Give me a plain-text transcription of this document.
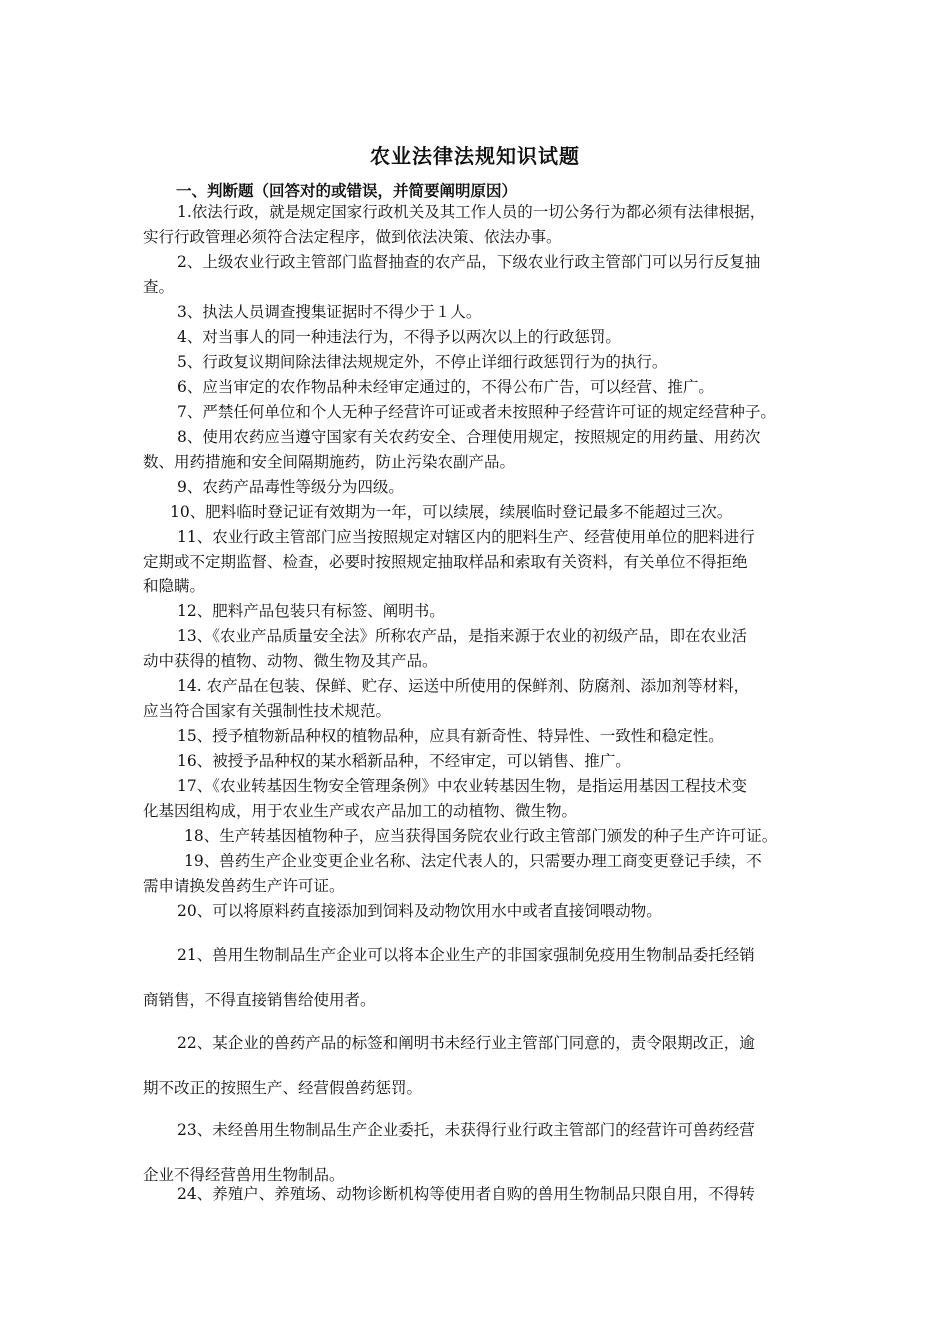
农业法律法规知识试题
一、判断题（回答对的或错误，并简要阐明原因）
1.依法行政，就是规定国家行政机关及其工作人员的一切公务行为都必须有法律根据，
实行行政管理必须符合法定程序，做到依法决策、依法办事。
2、上级农业行政主管部门监督抽查的农产品，下级农业行政主管部门可以另行反复抽
查。
3、执法人员调查搜集证据时不得少于１人。
4、对当事人的同一种违法行为，不得予以两次以上的行政惩罚。
5、行政复议期间除法律法规规定外，不停止详细行政惩罚行为的执行。
6、应当审定的农作物品种未经审定通过的，不得公布广告，可以经营、推广。
7、严禁任何单位和个人无种子经营许可证或者未按照种子经营许可证的规定经营种子。
8、使用农药应当遵守国家有关农药安全、合理使用规定，按照规定的用药量、用药次
数、用药措施和安全间隔期施药，防止污染农副产品。
9、农药产品毒性等级分为四级。
10、肥料临时登记证有效期为一年，可以续展，续展临时登记最多不能超过三次。
11、农业行政主管部门应当按照规定对辖区内的肥料生产、经营使用单位的肥料进行
定期或不定期监督、检查，必要时按照规定抽取样品和索取有关资料，有关单位不得拒绝
和隐瞒。
12、肥料产品包装只有标签、阐明书。
13、《农业产品质量安全法》所称农产品，是指来源于农业的初级产品，即在农业活
动中获得的植物、动物、微生物及其产品。
14. 农产品在包装、保鲜、贮存、运送中所使用的保鲜剂、防腐剂、添加剂等材料，
应当符合国家有关强制性技术规范。
15、授予植物新品种权的植物品种，应具有新奇性、特异性、一致性和稳定性。
16、被授予品种权的某水稻新品种，不经审定，可以销售、推广。
17、《农业转基因生物安全管理条例》中农业转基因生物，是指运用基因工程技术变
化基因组构成，用于农业生产或农产品加工的动植物、微生物。
18、生产转基因植物种子，应当获得国务院农业行政主管部门颁发的种子生产许可证。
19、兽药生产企业变更企业名称、法定代表人的，只需要办理工商变更登记手续，不
需申请换发兽药生产许可证。
20、可以将原料药直接添加到饲料及动物饮用水中或者直接饲喂动物。
21、兽用生物制品生产企业可以将本企业生产的非国家强制免疫用生物制品委托经销
商销售，不得直接销售给使用者。
22、某企业的兽药产品的标签和阐明书未经行业主管部门同意的，责令限期改正，逾
期不改正的按照生产、经营假兽药惩罚。
23、未经兽用生物制品生产企业委托，未获得行业行政主管部门的经营许可兽药经营
企业不得经营兽用生物制品。
24、养殖户、养殖场、动物诊断机构等使用者自购的兽用生物制品只限自用，不得转
